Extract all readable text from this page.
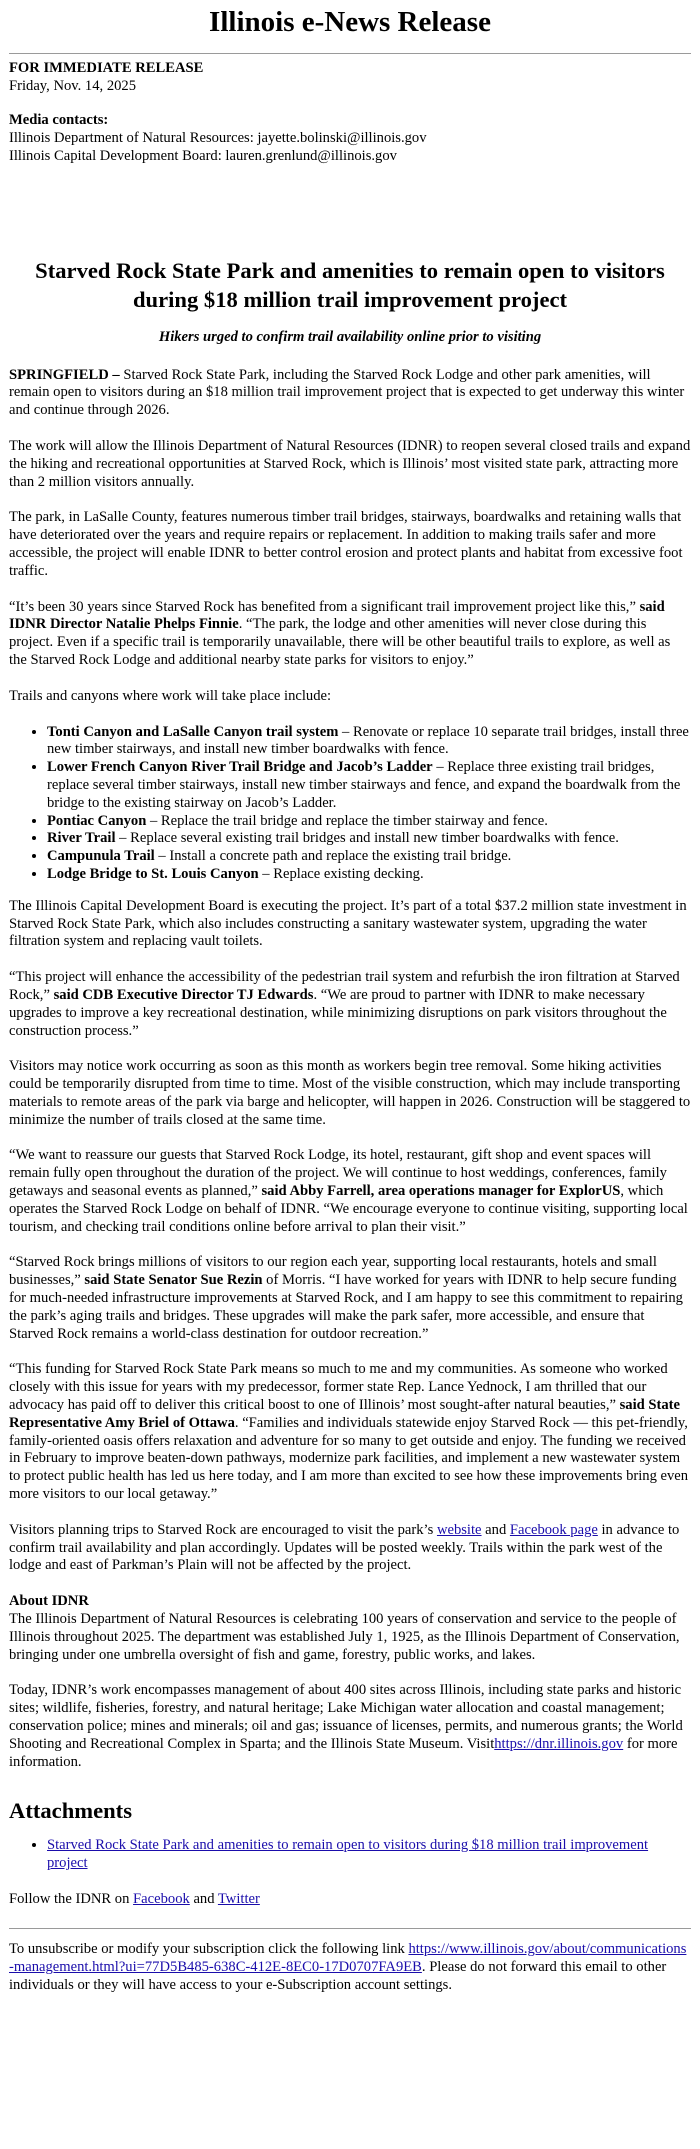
Illinois e-News Release
FOR IMMEDIATE RELEASE
Friday, Nov. 14, 2025
Media contacts:
Illinois Department of Natural Resources: jayette.bolinski@illinois.gov
Illinois Capital Development Board: lauren.grenlund@illinois.gov
Starved Rock State Park and amenities to remain open to visitors during $18 million trail improvement project
Hikers urged to confirm trail availability online prior to visiting

SPRINGFIELD – Starved Rock State Park, including the Starved Rock Lodge and other park amenities, will remain open to visitors during an $18 million trail improvement project that is expected to get underway this winter and continue through 2026.

The work will allow the Illinois Department of Natural Resources (IDNR) to reopen several closed trails and expand the hiking and recreational opportunities at Starved Rock, which is Illinois’ most visited state park, attracting more than 2 million visitors annually.

The park, in LaSalle County, features numerous timber trail bridges, stairways, boardwalks and retaining walls that have deteriorated over the years and require repairs or replacement. In addition to making trails safer and more accessible, the project will enable IDNR to better control erosion and protect plants and habitat from excessive foot traffic.

“It’s been 30 years since Starved Rock has benefited from a significant trail improvement project like this,” said IDNR Director Natalie Phelps Finnie. “The park, the lodge and other amenities will never close during this project. Even if a specific trail is temporarily unavailable, there will be other beautiful trails to explore, as well as the Starved Rock Lodge and additional nearby state parks for visitors to enjoy.”

Trails and canyons where work will take place include:

• Tonti Canyon and LaSalle Canyon trail system – Renovate or replace 10 separate trail bridges, install three new timber stairways, and install new timber boardwalks with fence.
• Lower French Canyon River Trail Bridge and Jacob’s Ladder – Replace three existing trail bridges, replace several timber stairways, install new timber stairways and fence, and expand the boardwalk from the bridge to the existing stairway on Jacob’s Ladder.
• Pontiac Canyon – Replace the trail bridge and replace the timber stairway and fence.
• River Trail – Replace several existing trail bridges and install new timber boardwalks with fence.
• Campunula Trail – Install a concrete path and replace the existing trail bridge.
• Lodge Bridge to St. Louis Canyon – Replace existing decking.

The Illinois Capital Development Board is executing the project. It’s part of a total $37.2 million state investment in Starved Rock State Park, which also includes constructing a sanitary wastewater system, upgrading the water filtration system and replacing vault toilets.

“This project will enhance the accessibility of the pedestrian trail system and refurbish the iron filtration at Starved Rock,” said CDB Executive Director TJ Edwards. “We are proud to partner with IDNR to make necessary upgrades to improve a key recreational destination, while minimizing disruptions on park visitors throughout the construction process.”

Visitors may notice work occurring as soon as this month as workers begin tree removal. Some hiking activities could be temporarily disrupted from time to time. Most of the visible construction, which may include transporting materials to remote areas of the park via barge and helicopter, will happen in 2026. Construction will be staggered to minimize the number of trails closed at the same time.

“We want to reassure our guests that Starved Rock Lodge, its hotel, restaurant, gift shop and event spaces will remain fully open throughout the duration of the project. We will continue to host weddings, conferences, family getaways and seasonal events as planned,” said Abby Farrell, area operations manager for ExplorUS, which operates the Starved Rock Lodge on behalf of IDNR. “We encourage everyone to continue visiting, supporting local tourism, and checking trail conditions online before arrival to plan their visit.”

“Starved Rock brings millions of visitors to our region each year, supporting local restaurants, hotels and small businesses,” said State Senator Sue Rezin of Morris. “I have worked for years with IDNR to help secure funding for much-needed infrastructure improvements at Starved Rock, and I am happy to see this commitment to repairing the park’s aging trails and bridges. These upgrades will make the park safer, more accessible, and ensure that Starved Rock remains a world-class destination for outdoor recreation.”

“This funding for Starved Rock State Park means so much to me and my communities. As someone who worked closely with this issue for years with my predecessor, former state Rep. Lance Yednock, I am thrilled that our advocacy has paid off to deliver this critical boost to one of Illinois’ most sought-after natural beauties,” said State Representative Amy Briel of Ottawa. “Families and individuals statewide enjoy Starved Rock — this pet-friendly, family-oriented oasis offers relaxation and adventure for so many to get outside and enjoy. The funding we received in February to improve beaten-down pathways, modernize park facilities, and implement a new wastewater system to protect public health has led us here today, and I am more than excited to see how these improvements bring even more visitors to our local getaway.”

Visitors planning trips to Starved Rock are encouraged to visit the park’s website and Facebook page in advance to confirm trail availability and plan accordingly. Updates will be posted weekly. Trails within the park west of the lodge and east of Parkman’s Plain will not be affected by the project.

About IDNR
The Illinois Department of Natural Resources is celebrating 100 years of conservation and service to the people of Illinois throughout 2025. The department was established July 1, 1925, as the Illinois Department of Conservation, bringing under one umbrella oversight of fish and game, forestry, public works, and lakes.

Today, IDNR’s work encompasses management of about 400 sites across Illinois, including state parks and historic sites; wildlife, fisheries, forestry, and natural heritage; Lake Michigan water allocation and coastal management; conservation police; mines and minerals; oil and gas; issuance of licenses, permits, and numerous grants; the World Shooting and Recreational Complex in Sparta; and the Illinois State Museum. Visithttps://dnr.illinois.gov for more information.

Attachments
• Starved Rock State Park and amenities to remain open to visitors during $18 million trail improvement project
Follow the IDNR on Facebook and Twitter
To unsubscribe or modify your subscription click the following link https://www.illinois.gov/about/communications-management.html?ui=77D5B485-638C-412E-8EC0-17D0707FA9EB. Please do not forward this email to other individuals or they will have access to your e-Subscription account settings.
